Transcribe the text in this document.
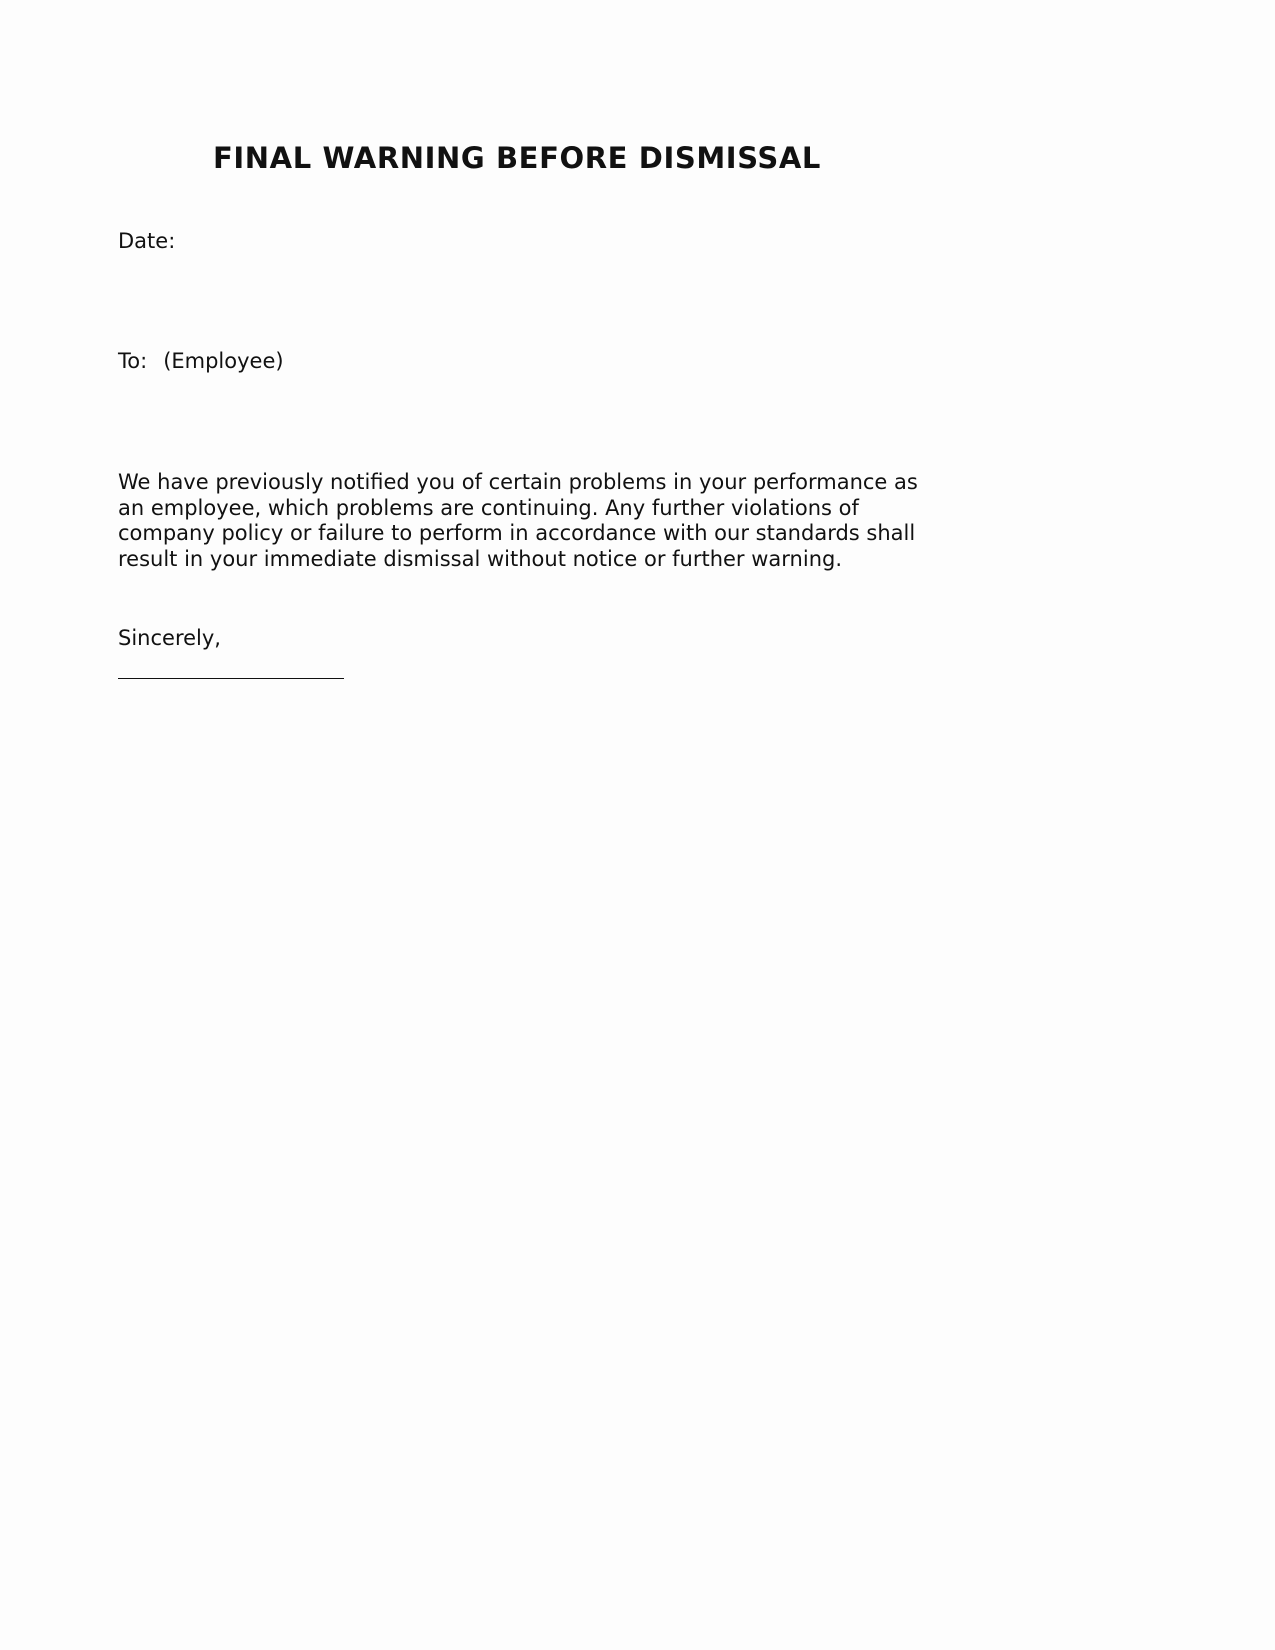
FINAL WARNING BEFORE DISMISSAL

Date:

To: (Employee)

We have previously notified you of certain problems in your performance as
an employee, which problems are continuing. Any further violations of
company policy or failure to perform in accordance with our standards shall
result in your immediate dismissal without notice or further warning.

Sincerely,
